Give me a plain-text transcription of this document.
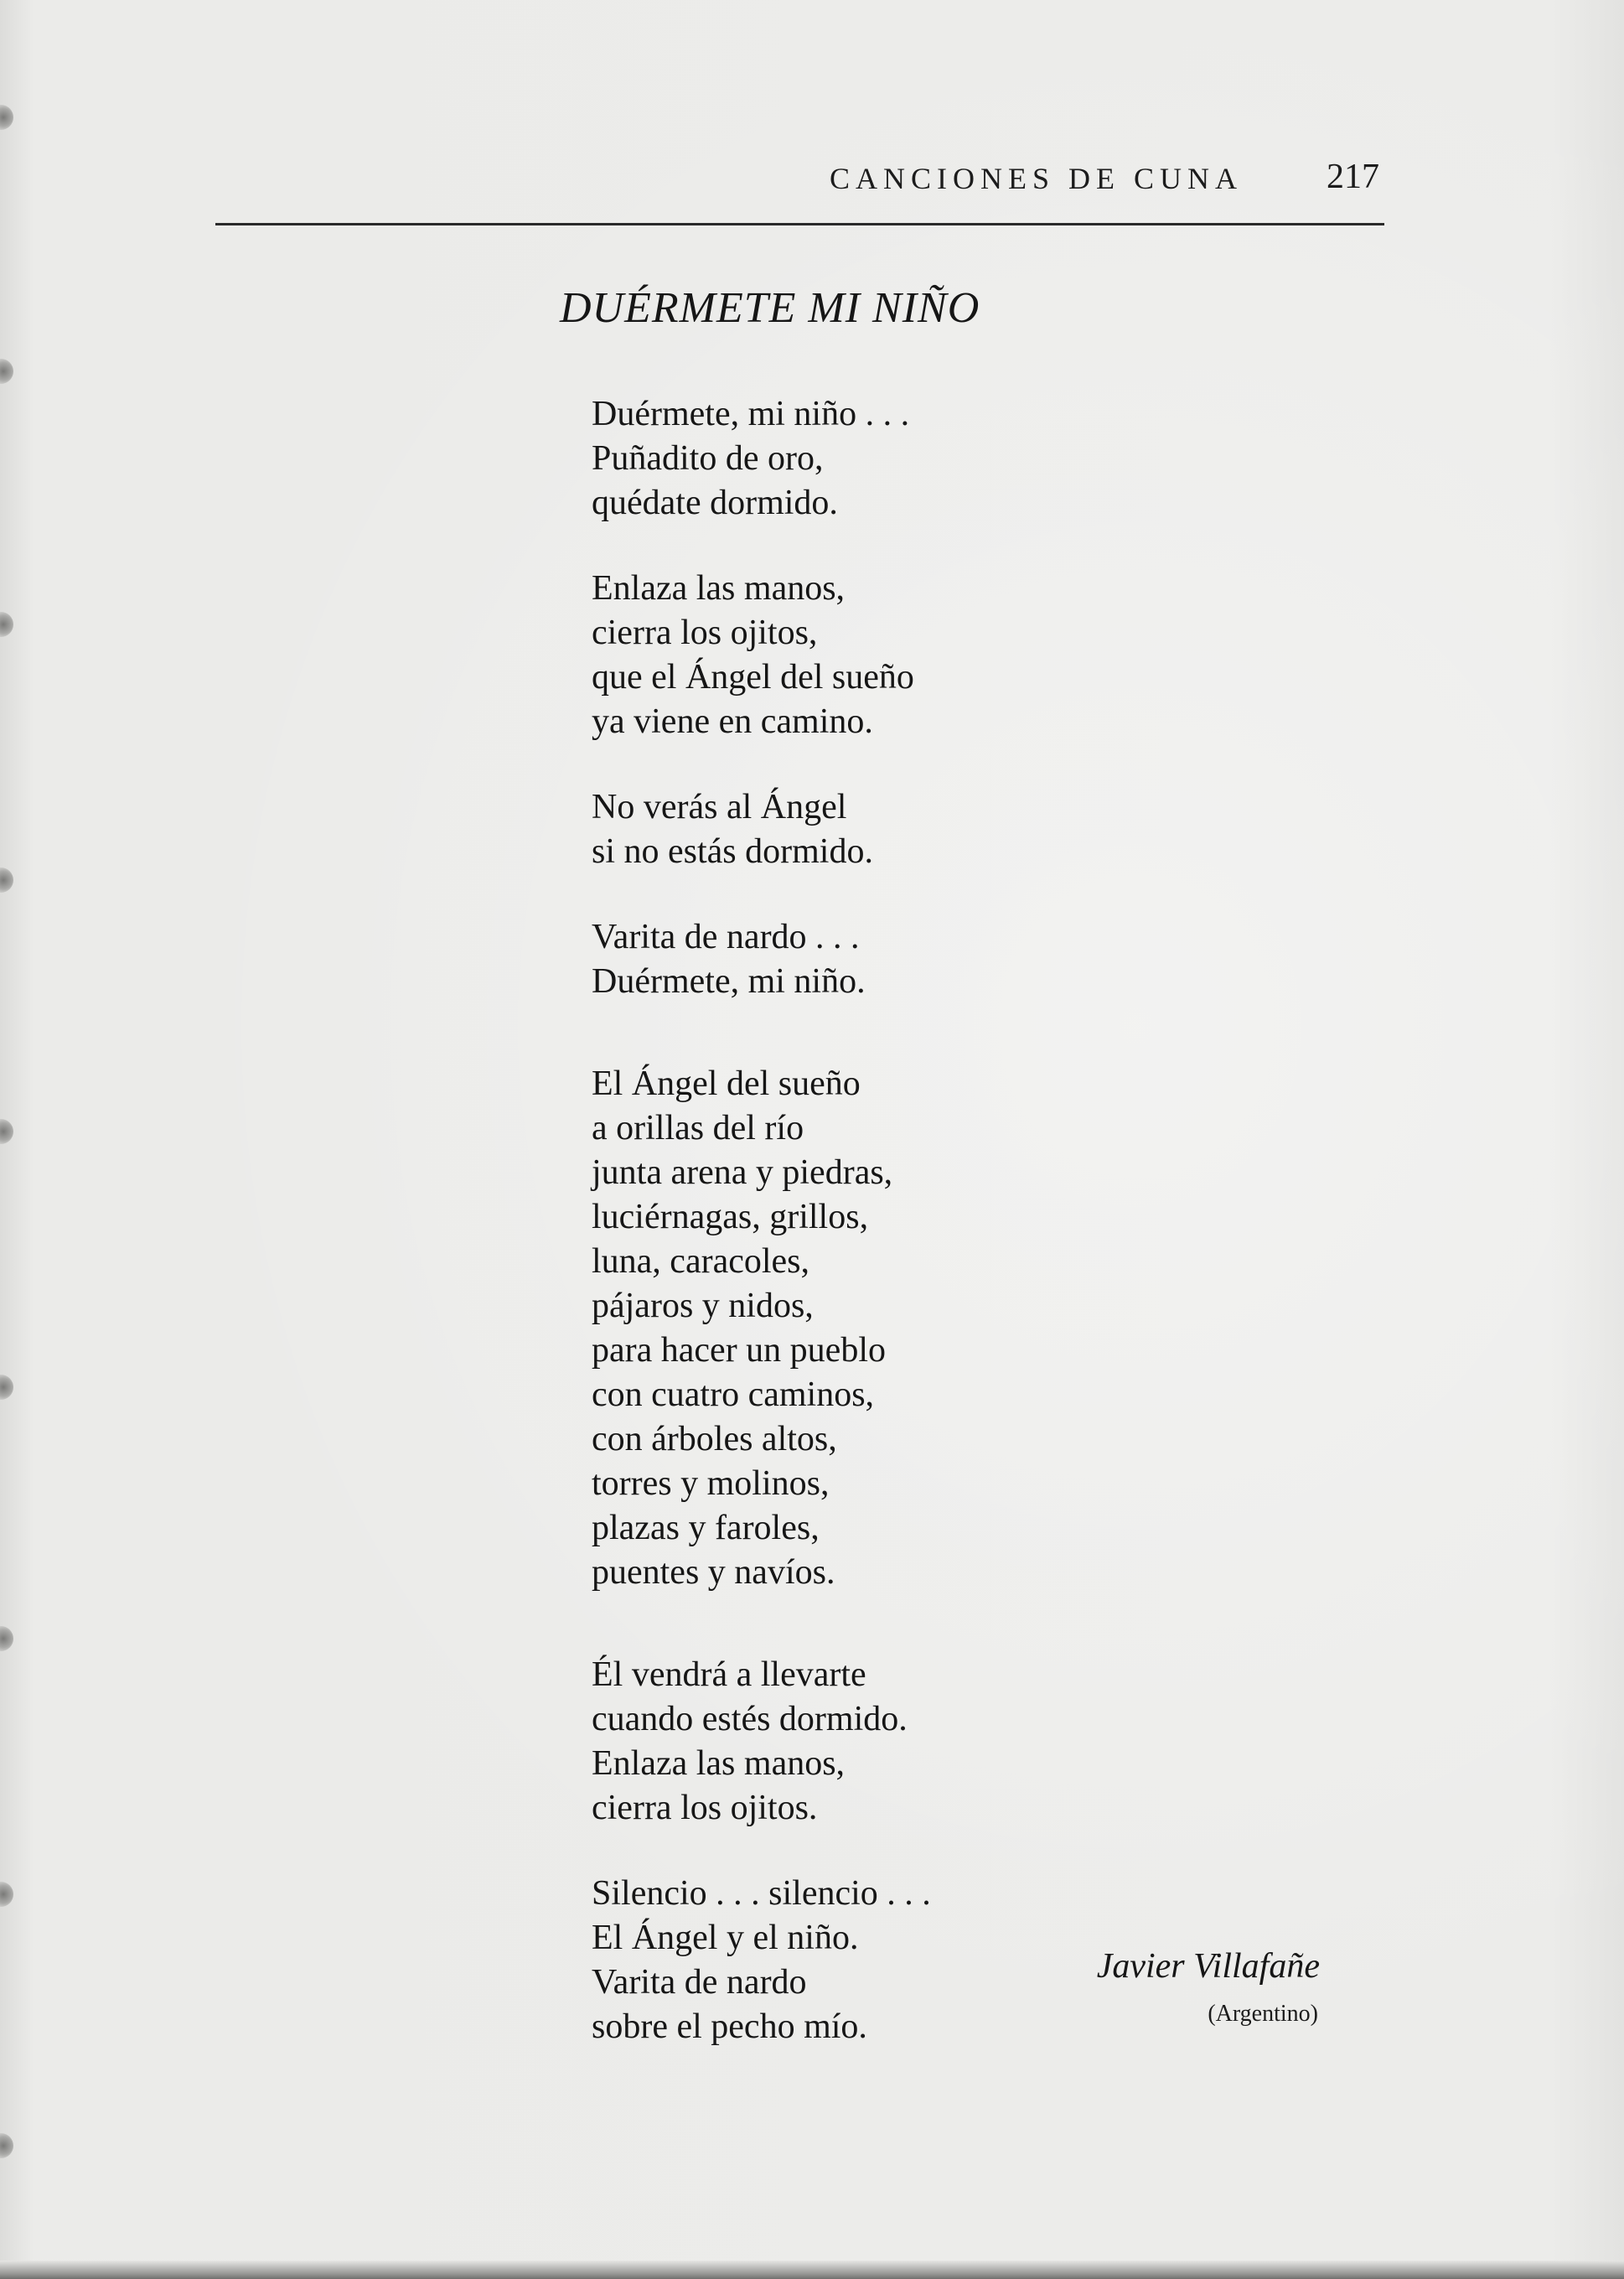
CANCIONES DE CUNA 217
DUÉRMETE MI NIÑO
Duérmete, mi niño . . .
Puñadito de oro,
quédate dormido.
Enlaza las manos,
cierra los ojitos,
que el Ángel del sueño
ya viene en camino.
No verás al Ángel
si no estás dormido.
Varita de nardo . . .
Duérmete, mi niño.
El Ángel del sueño
a orillas del río
junta arena y piedras,
luciérnagas, grillos,
luna, caracoles,
pájaros y nidos,
para hacer un pueblo
con cuatro caminos,
con árboles altos,
torres y molinos,
plazas y faroles,
puentes y navíos.
Él vendrá a llevarte
cuando estés dormido.
Enlaza las manos,
cierra los ojitos.
Silencio . . . silencio . . .
El Ángel y el niño.
Varita de nardo
sobre el pecho mío.
Javier Villafañe
(Argentino)
